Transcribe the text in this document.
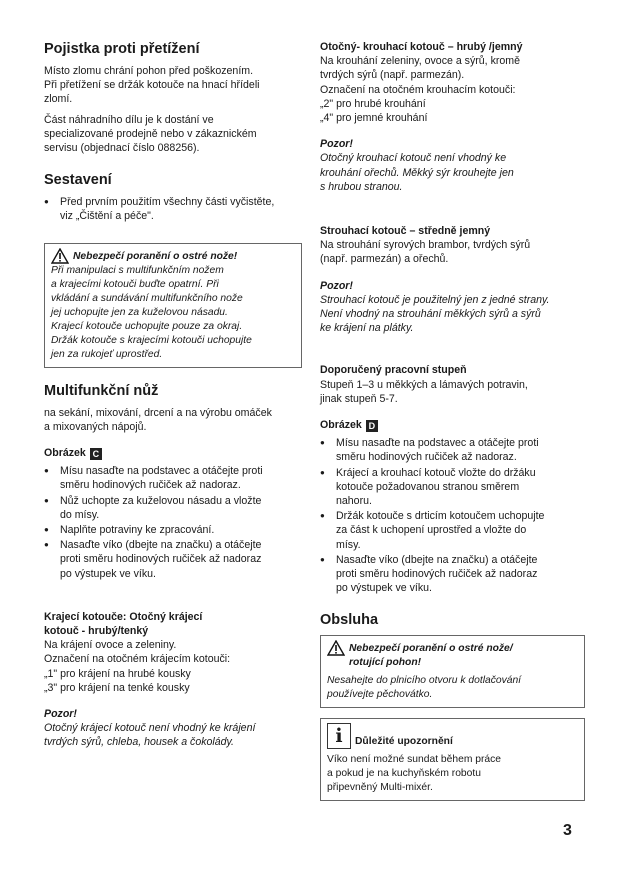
Pojistka proti přetížení

Místo zlomu chrání pohon před poškozením.
Při přetížení se držák kotouče na hnací hřídeli
zlomí.

Část náhradního dílu je k dostání ve
specializované prodejně nebo v zákaznickém
servisu (objednací číslo 088256).

Sestavení
● Před prvním použitím všechny části vyčistěte,
viz „Čištění a péče".

Nebezpečí poranění o ostré nože!

Při manipulaci s multifunkčním nožem
a krajecími kotouči buďte opatrní. Při
vkládání a sundávání multifunkčního nože
jej uchopujte jen za kuželovou násadu.
Krajecí kotouče uchopujte pouze za okraj.
Držák kotouče s krajecími kotouči uchopujte
jen za rukojeť uprostřed.

Multifunkční nůž

na sekání, mixování, drcení a na výrobu omáček
a mixovaných nápojů.

Obrázek C

● Mísu nasaďte na podstavec a otáčejte proti
směru hodinových ručiček až nadoraz.
● Nůž uchopte za kuželovou násadu a vložte
do mísy.
● Naplňte potraviny ke zpracování.
● Nasaďte víko (dbejte na značku) a otáčejte
proti směru hodinových ručiček až nadoraz
po výstupek ve víku.

Krajecí kotouče: Otočný krájecí
kotouč - hrubý/tenký

Na krájení ovoce a zeleniny.
Označení na otočném krájecím kotouči:
„1" pro krájení na hrubé kousky
„3" pro krájení na tenké kousky

Pozor!

Otočný krájecí kotouč není vhodný ke krájení
tvrdých sýrů, chleba, housek a čokolády.

Otočný- krouhací kotouč – hrubý /jemný

Na krouhání zeleniny, ovoce a sýrů, kromě
tvrdých sýrů (např. parmezán).
Označení na otočném krouhacím kotouči:
„2" pro hrubé krouhání
„4" pro jemné krouhání

Pozor!

Otočný krouhací kotouč není vhodný ke
krouhání ořechů. Měkký sýr krouhejte jen
s hrubou stranou.

Strouhací kotouč – středně jemný

Na strouhání syrových brambor, tvrdých sýrů
(např. parmezán) a ořechů.

Pozor!

Strouhací kotouč je použitelný jen z jedné strany.
Není vhodný na strouhání měkkých sýrů a sýrů
ke krájení na plátky.

Doporučený pracovní stupeň

Stupeň 1–3 u měkkých a lámavých potravin,
jinak stupeň 5-7.

Obrázek D

● Mísu nasaďte na podstavec a otáčejte proti
směru hodinových ručiček až nadoraz.
● Krájecí a krouhací kotouč vložte do držáku
kotouče požadovanou stranou směrem
nahoru.
● Držák kotouče s drticím kotoučem uchopujte
za část k uchopení uprostřed a vložte do
mísy.
● Nasaďte víko (dbejte na značku) a otáčejte
proti směru hodinových ručiček až nadoraz
po výstupek ve víku.
Obsluha

Nebezpečí poranění o ostré nože/
rotující pohon!

Nesahejte do plnicího otvoru k dotlačování
používejte pěchovátko.

i Důležité upozornění

Víko není možné sundat během práce
a pokud je na kuchyňském robotu
připevněný Multi-mixér.

3
